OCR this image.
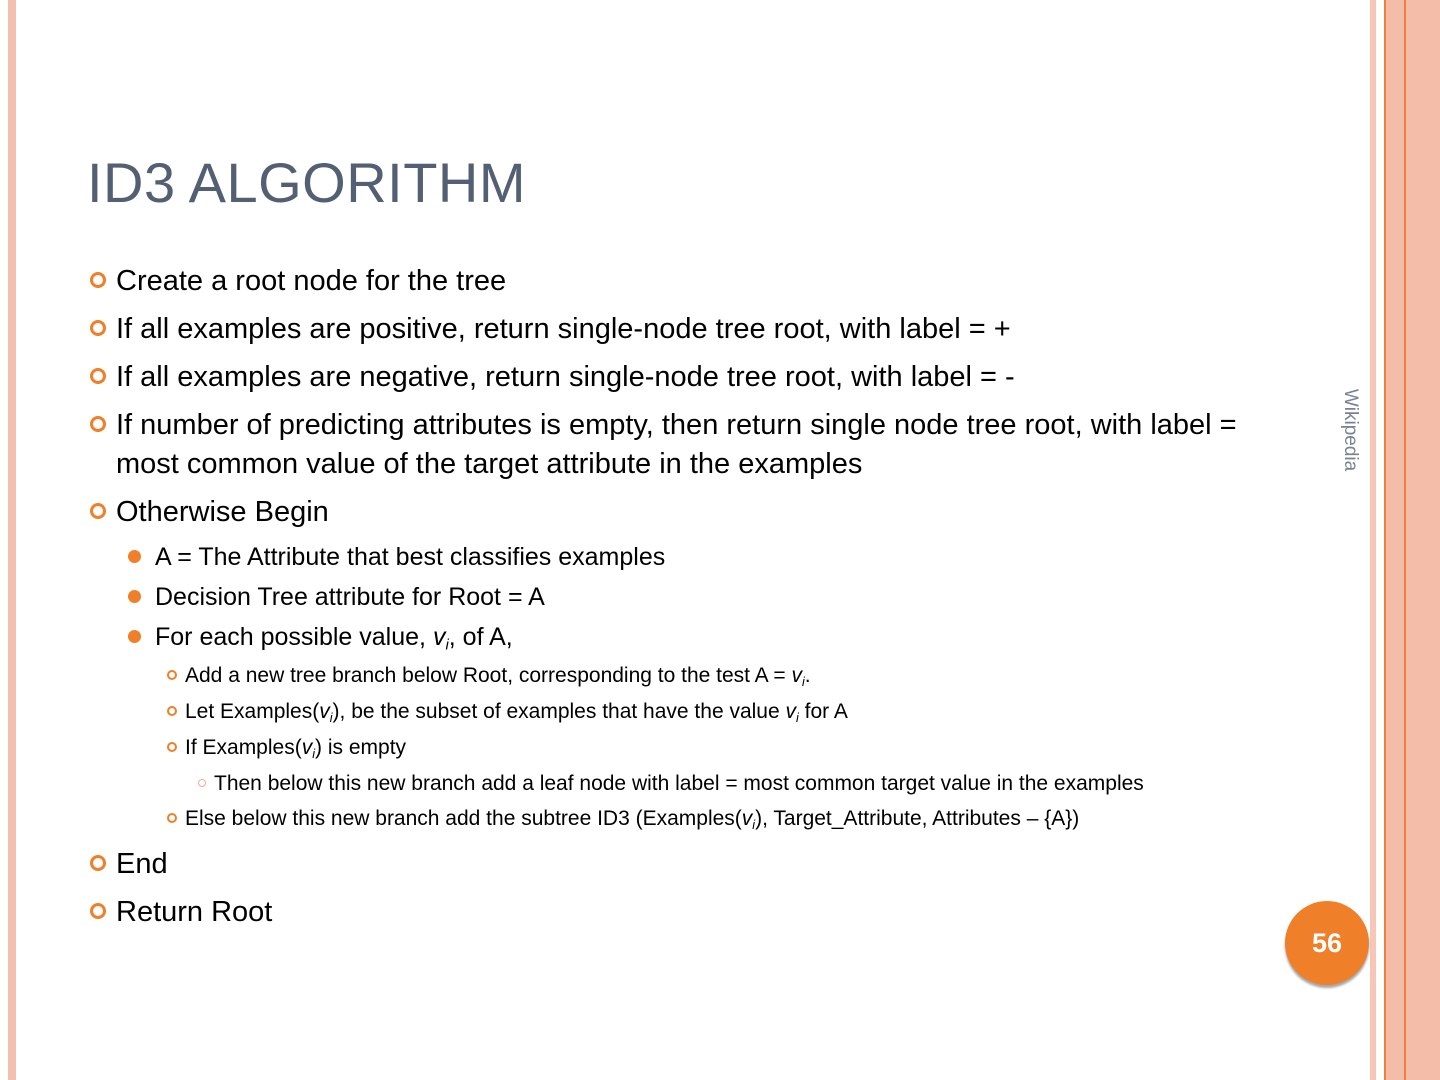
ID3 ALGORITHM
Create a root node for the tree
If all examples are positive, return single-node tree root, with label = +
If all examples are negative, return single-node tree root, with label = -
If number of predicting attributes is empty, then return single node tree root, with label = most common value of the target attribute in the examples
Otherwise Begin
A = The Attribute that best classifies examples
Decision Tree attribute for Root = A
For each possible value, $v_i$, of A,
Add a new tree branch below Root, corresponding to the test $A = v_i$.
Let $Examples(v_i)$, be the subset of examples that have the value $v_i$ for A
If $Examples(v_i)$ is empty
Then below this new branch add a leaf node with label = most common target value in the examples
Else below this new branch add the subtree ID3 ($Examples(v_i)$, Target_Attribute, Attributes – {A})
End
Return Root
Wikipedia
56
